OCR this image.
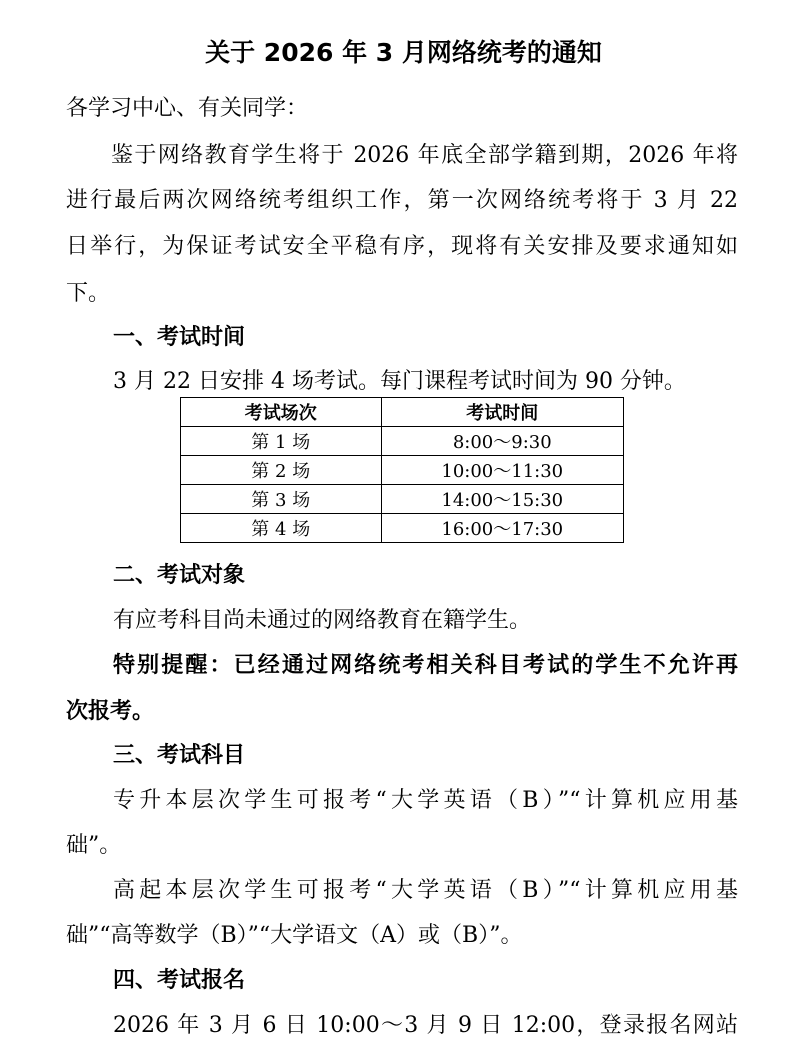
关于 2026 年 3 月网络统考的通知
各学习中心、有关同学：
鉴于网络教育学生将于 2026 年底全部学籍到期，2026 年将
进行最后两次网络统考组织工作，第一次网络统考将于 3 月 22
日举行，为保证考试安全平稳有序，现将有关安排及要求通知如
下。
一、考试时间
3 月 22 日安排 4 场考试。每门课程考试时间为 90 分钟。
考试场次	考试时间
第 1 场	8:00～9:30
第 2 场	10:00～11:30
第 3 场	14:00～15:30
第 4 场	16:00～17:30
二、考试对象
有应考科目尚未通过的网络教育在籍学生。
特别提醒：已经通过网络统考相关科目考试的学生不允许再
次报考。
三、考试科目
专升本层次学生可报考“大学英语（B）”“计算机应用基
础”。
高起本层次学生可报考“大学英语（B）”“计算机应用基
础”“高等数学（B）”“大学语文（A）或（B）”。
四、考试报名
2026 年 3 月 6 日 10:00～3 月 9 日 12:00，登录报名网站
